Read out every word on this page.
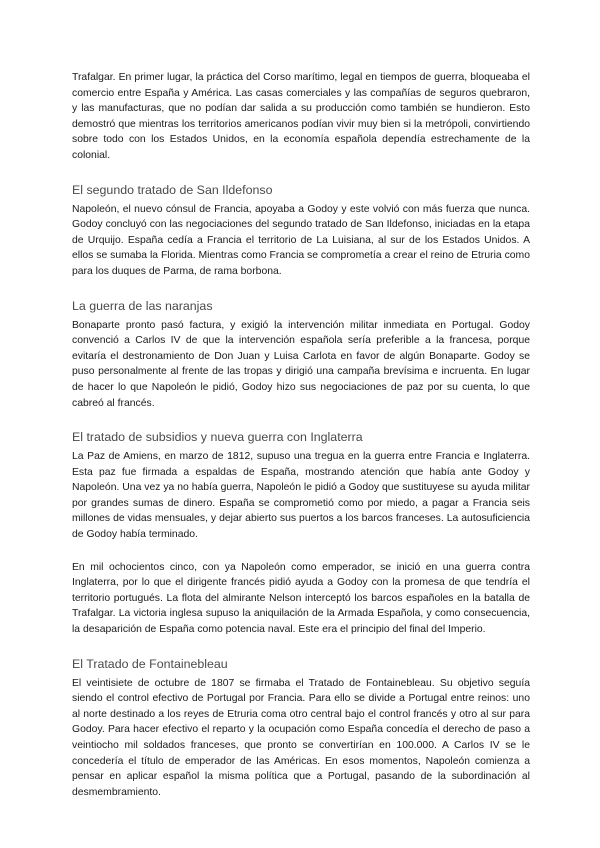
Trafalgar. En primer lugar, la práctica del Corso marítimo, legal en tiempos de guerra, bloqueaba el comercio entre España y América. Las casas comerciales y las compañías de seguros quebraron, y las manufacturas, que no podían dar salida a su producción como también se hundieron. Esto demostró que mientras los territorios americanos podían vivir muy bien si la metrópoli, convirtiendo sobre todo con los Estados Unidos, en la economía española dependía estrechamente de la colonial.

El segundo tratado de San Ildefonso

Napoleón, el nuevo cónsul de Francia, apoyaba a Godoy y este volvió con más fuerza que nunca. Godoy concluyó con las negociaciones del segundo tratado de San Ildefonso, iniciadas en la etapa de Urquijo. España cedía a Francia el territorio de La Luisiana, al sur de los Estados Unidos. A ellos se sumaba la Florida. Mientras como Francia se comprometía a crear el reino de Etruria como para los duques de Parma, de rama borbona.

La guerra de las naranjas

Bonaparte pronto pasó factura, y exigió la intervención militar inmediata en Portugal. Godoy convenció a Carlos IV de que la intervención española sería preferible a la francesa, porque evitaría el destronamiento de Don Juan y Luisa Carlota en favor de algún Bonaparte. Godoy se puso personalmente al frente de las tropas y dirigió una campaña brevísima e incruenta. En lugar de hacer lo que Napoleón le pidió, Godoy hizo sus negociaciones de paz por su cuenta, lo que cabreó al francés.

El tratado de subsidios y nueva guerra con Inglaterra

La Paz de Amiens, en marzo de 1812, supuso una tregua en la guerra entre Francia e Inglaterra. Esta paz fue firmada a espaldas de España, mostrando atención que había ante Godoy y Napoleón. Una vez ya no había guerra, Napoleón le pidió a Godoy que sustituyese su ayuda militar por grandes sumas de dinero. España se comprometió como por miedo, a pagar a Francia seis millones de vidas mensuales, y dejar abierto sus puertos a los barcos franceses. La autosuficiencia de Godoy había terminado.

En mil ochocientos cinco, con ya Napoleón como emperador, se inició en una guerra contra Inglaterra, por lo que el dirigente francés pidió ayuda a Godoy con la promesa de que tendría el territorio portugués. La flota del almirante Nelson interceptó los barcos españoles en la batalla de Trafalgar. La victoria inglesa supuso la aniquilación de la Armada Española, y como consecuencia, la desaparición de España como potencia naval. Este era el principio del final del Imperio.

El Tratado de Fontainebleau

El veintisiete de octubre de 1807 se firmaba el Tratado de Fontainebleau. Su objetivo seguía siendo el control efectivo de Portugal por Francia. Para ello se divide a Portugal entre reinos: uno al norte destinado a los reyes de Etruria coma otro central bajo el control francés y otro al sur para Godoy. Para hacer efectivo el reparto y la ocupación como España concedía el derecho de paso a veintiocho mil soldados franceses, que pronto se convertirían en 100.000. A Carlos IV se le concedería el título de emperador de las Américas. En esos momentos, Napoleón comienza a pensar en aplicar español la misma política que a Portugal, pasando de la subordinación al desmembramiento.
